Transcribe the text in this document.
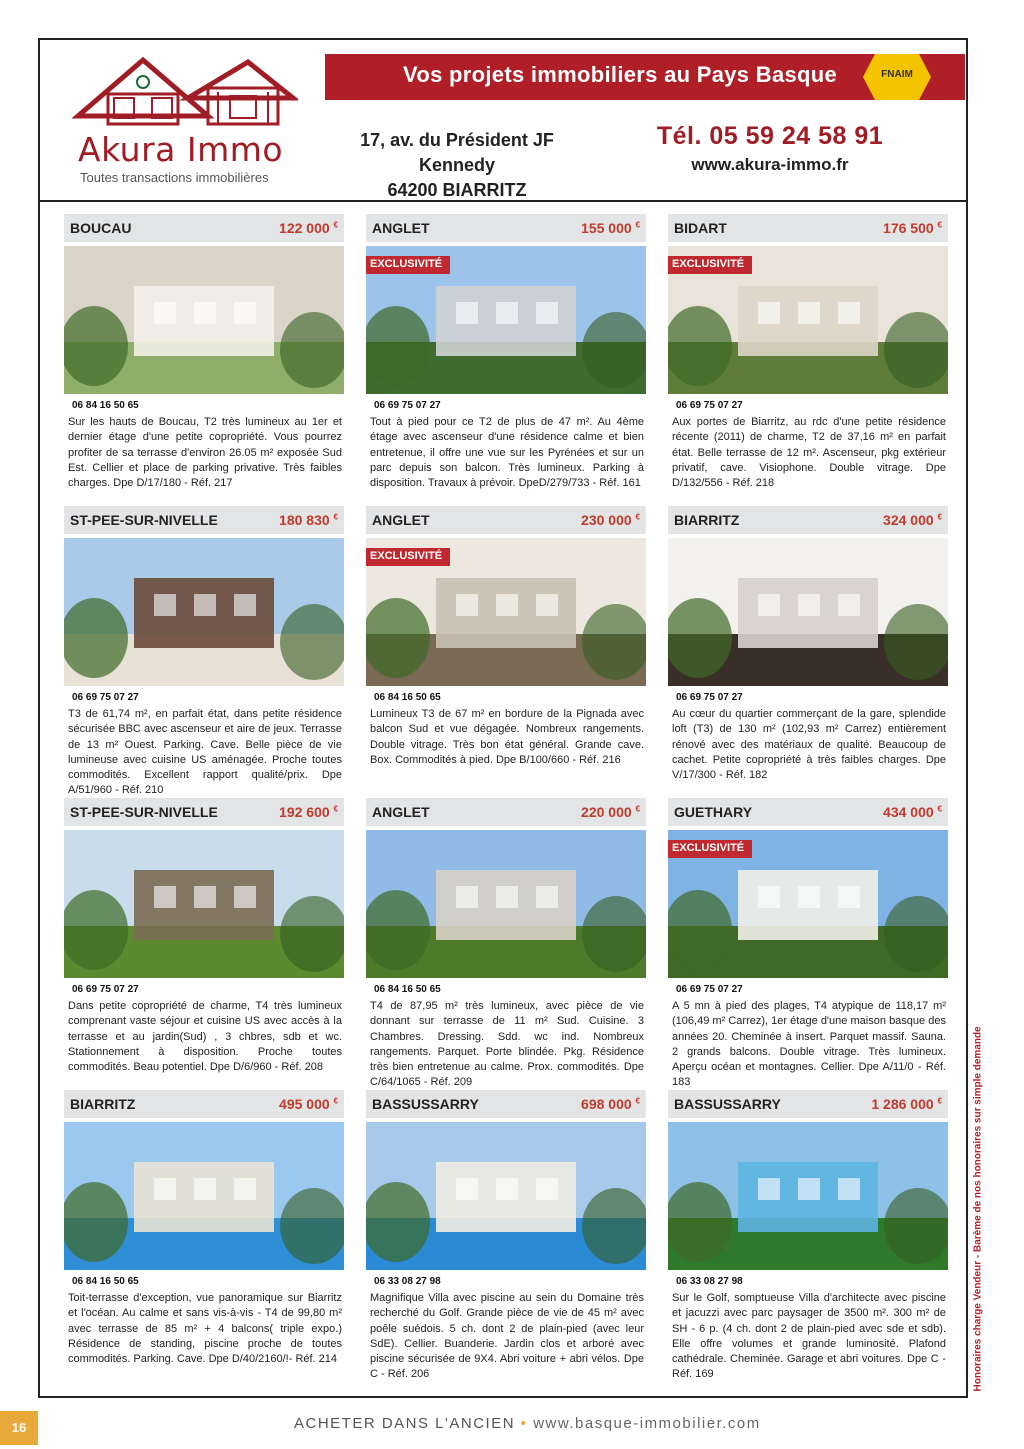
Akura Immo
Toutes transactions immobilières
Vos projets immobiliers au Pays Basque	FNAIM
17, av. du Président JF Kennedy
64200 BIARRITZ
Tél. 05 59 24 58 91
www.akura-immo.fr
BOUCAU	122 000 €
06 84 16 50 65
Sur les hauts de Boucau, T2 très lumineux au 1er et dernier étage d'une petite copropriété. Vous pourrez profiter de sa terrasse d'environ 26.05 m² exposée Sud Est. Cellier et place de parking privative. Très faibles charges. Dpe D/17/180 - Réf. 217
ANGLET	155 000 €
EXCLUSIVITÉ
06 69 75 07 27
Tout à pied pour ce T2 de plus de 47 m². Au 4ème étage avec ascenseur d'une résidence calme et bien entretenue, il offre une vue sur les Pyrénées et sur un parc depuis son balcon. Très lumineux. Parking à disposition. Travaux à prévoir. DpeD/279/733 - Réf. 161
BIDART	176 500 €
EXCLUSIVITÉ
06 69 75 07 27
Aux portes de Biarritz, au rdc d'une petite résidence récente (2011) de charme, T2 de 37,16 m² en parfait état. Belle terrasse de 12 m². Ascenseur, pkg extérieur privatif, cave. Visiophone. Double vitrage. Dpe D/132/556 - Réf. 218
ST-PEE-SUR-NIVELLE	180 830 €
06 69 75 07 27
T3 de 61,74 m², en parfait état, dans petite résidence sécurisée BBC avec ascenseur et aire de jeux. Terrasse de 13 m² Ouest. Parking. Cave. Belle pièce de vie lumineuse avec cuisine US aménagée. Proche toutes commodités. Excellent rapport qualité/prix. Dpe A/51/960 - Réf. 210
ANGLET	230 000 €
EXCLUSIVITÉ
06 84 16 50 65
Lumineux T3 de 67 m² en bordure de la Pignada avec balcon Sud et vue dégagée. Nombreux rangements. Double vitrage. Très bon état général. Grande cave. Box. Commodités à pied. Dpe B/100/660 - Réf. 216
BIARRITZ	324 000 €
06 69 75 07 27
Au cœur du quartier commerçant de la gare, splendide loft (T3) de 130 m² (102,93 m² Carrez) entièrement rénové avec des matériaux de qualité. Beaucoup de cachet. Petite copropriété à très faibles charges. Dpe V/17/300 - Réf. 182
ST-PEE-SUR-NIVELLE	192 600 €
06 69 75 07 27
Dans petite copropriété de charme, T4 très lumineux comprenant vaste séjour et cuisine US avec accès à la terrasse et au jardin(Sud) , 3 chbres, sdb et wc. Stationnement à disposition. Proche toutes commodités. Beau potentiel. Dpe D/6/960 - Réf. 208
ANGLET	220 000 €
06 84 16 50 65
T4 de 87,95 m² très lumineux, avec pièce de vie donnant sur terrasse de 11 m² Sud. Cuisine. 3 Chambres. Dressing. Sdd. wc ind. Nombreux rangements. Parquet. Porte blindée. Pkg. Résidence très bien entretenue au calme. Prox. commodités. Dpe C/64/1065 - Réf. 209
GUETHARY	434 000 €
EXCLUSIVITÉ
06 69 75 07 27
A 5 mn à pied des plages, T4 atypique de 118,17 m² (106,49 m² Carrez), 1er étage d'une maison basque des années 20. Cheminée à insert. Parquet massif. Sauna. 2 grands balcons. Double vitrage. Très lumineux. Aperçu océan et montagnes. Cellier. Dpe A/11/0 - Réf. 183
BIARRITZ	495 000 €
06 84 16 50 65
Toit-terrasse d'exception, vue panoramique sur Biarritz et l'océan. Au calme et sans vis-à-vis - T4 de 99,80 m² avec terrasse de 85 m² + 4 balcons( triple expo.) Résidence de standing, piscine proche de toutes commodités. Parking. Cave. Dpe D/40/2160/!- Réf. 214
BASSUSSARRY	698 000 €
06 33 08 27 98
Magnifique Villa avec piscine au sein du Domaine très recherché du Golf. Grande pièce de vie de 45 m² avec poêle suédois. 5 ch. dont 2 de plain-pied (avec leur SdE). Cellier. Buanderie. Jardin clos et arboré avec piscine sécurisée de 9X4. Abri voiture + abri vélos. Dpe C - Réf. 206
BASSUSSARRY	1 286 000 €
06 33 08 27 98
Sur le Golf, somptueuse Villa d'architecte avec piscine et jacuzzi avec parc paysager de 3500 m². 300 m² de SH - 6 p. (4 ch. dont 2 de plain-pied avec sde et sdb). Elle offre volumes et grande luminosité. Plafond cathédrale. Cheminée. Garage et abri voitures. Dpe C - Réf. 169	Honoraires charge Vendeur - Barème de nos honoraires sur simple demande
16	ACHETER DANS L'ANCIEN • www.basque-immobilier.com
